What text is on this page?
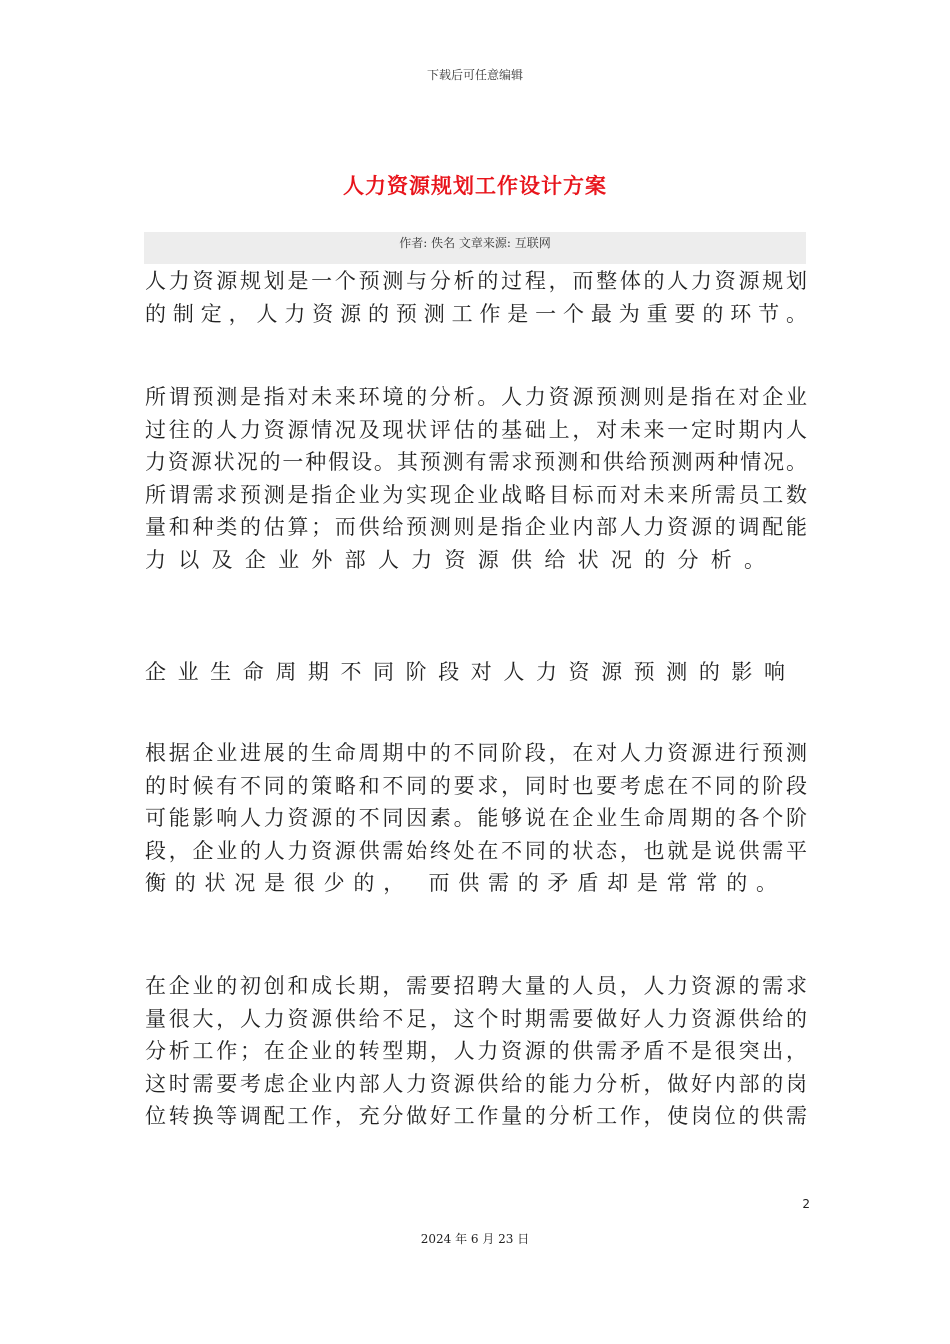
下载后可任意编辑
人力资源规划工作设计方案
作者: 佚名 文章来源: 互联网
人力资源规划是一个预测与分析的过程，而整体的人力资源规划
的制定，人力资源的预测工作是一个最为重要的环节。
所谓预测是指对未来环境的分析。人力资源预测则是指在对企业
过往的人力资源情况及现状评估的基础上，对未来一定时期内人
力资源状况的一种假设。其预测有需求预测和供给预测两种情况。
所谓需求预测是指企业为实现企业战略目标而对未来所需员工数
量和种类的估算；而供给预测则是指企业内部人力资源的调配能
力以及企业外部人力资源供给状况的分析。
企业生命周期不同阶段对人力资源预测的影响
根据企业进展的生命周期中的不同阶段，在对人力资源进行预测
的时候有不同的策略和不同的要求，同时也要考虑在不同的阶段
可能影响人力资源的不同因素。能够说在企业生命周期的各个阶
段，企业的人力资源供需始终处在不同的状态，也就是说供需平
衡的状况是很少的， 而供需的矛盾却是常常的。
在企业的初创和成长期，需要招聘大量的人员，人力资源的需求
量很大，人力资源供给不足，这个时期需要做好人力资源供给的
分析工作；在企业的转型期，人力资源的供需矛盾不是很突出，
这时需要考虑企业内部人力资源供给的能力分析，做好内部的岗
位转换等调配工作，充分做好工作量的分析工作，使岗位的供需
2
2024 年 6 月 23 日
